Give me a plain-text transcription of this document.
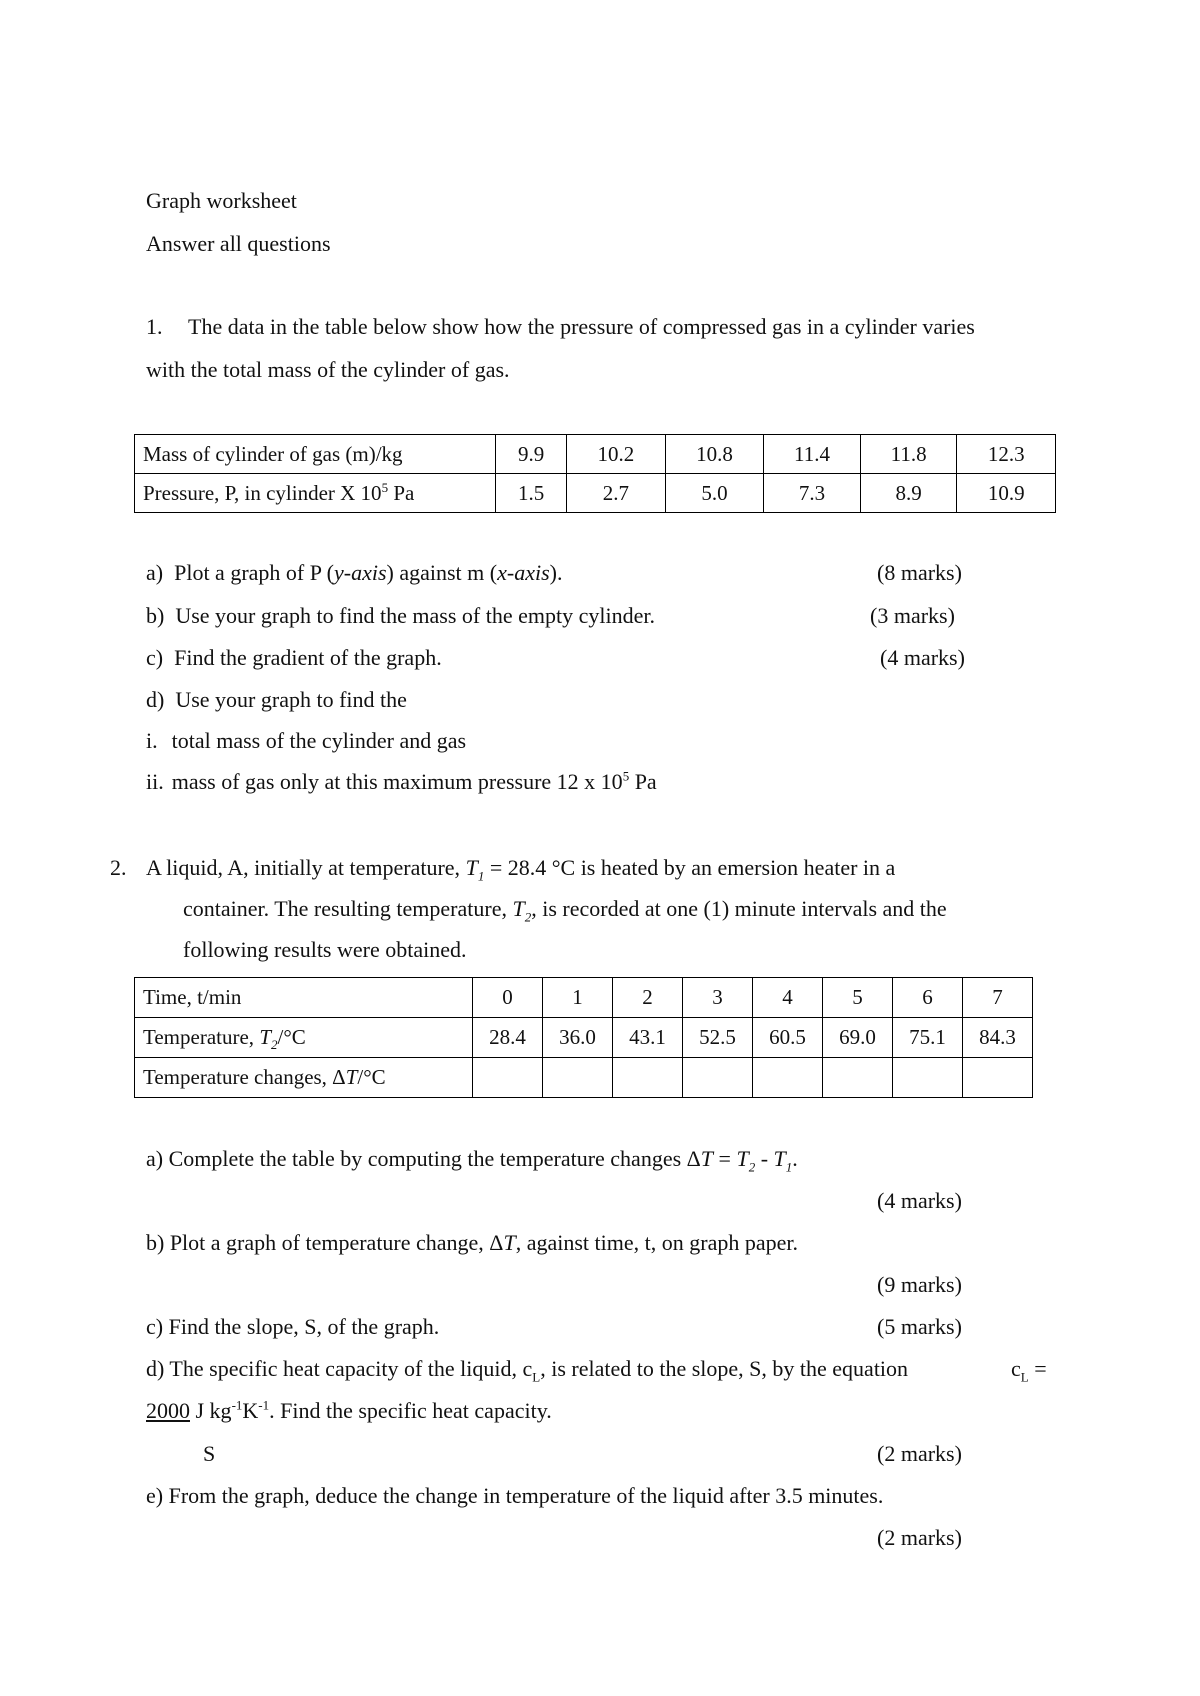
Graph worksheet
Answer all questions
1. The data in the table below show how the pressure of compressed gas in a cylinder varies
with the total mass of the cylinder of gas.
Mass of cylinder of gas (m)/kg	9.9	10.2	10.8	11.4	11.8	12.3
Pressure, P, in cylinder X $10^5$ Pa	1.5	2.7	5.0	7.3	8.9	10.9
a) Plot a graph of P (y-axis) against m (x-axis).	(8 marks)
b) Use your graph to find the mass of the empty cylinder.	(3 marks)
c) Find the gradient of the graph.	(4 marks)
d) Use your graph to find the
i. total mass of the cylinder and gas
ii. mass of gas only at this maximum pressure 12 x $10^5$ Pa
2. A liquid, A, initially at temperature, $T_1 = 28.4$ °C is heated by an emersion heater in a
container. The resulting temperature, $T_2$, is recorded at one (1) minute intervals and the
following results were obtained.
Time, t/min	0	1	2	3	4	5	6	7
Temperature, $T_2/^\circ C$	28.4	36.0	43.1	52.5	60.5	69.0	75.1	84.3
Temperature changes, ΔT/°C								
a) Complete the table by computing the temperature changes $\Delta T = T_2 - T_1$.
(4 marks)
b) Plot a graph of temperature change, ΔT, against time, t, on graph paper.
(9 marks)
c) Find the slope, S, of the graph.	(5 marks)
d) The specific heat capacity of the liquid, $c_L$, is related to the slope, S, by the equation	$c_L$ =
2000 J $kg^{-1}K^{-1}$. Find the specific heat capacity.
S	(2 marks)
e) From the graph, deduce the change in temperature of the liquid after 3.5 minutes.
(2 marks)
